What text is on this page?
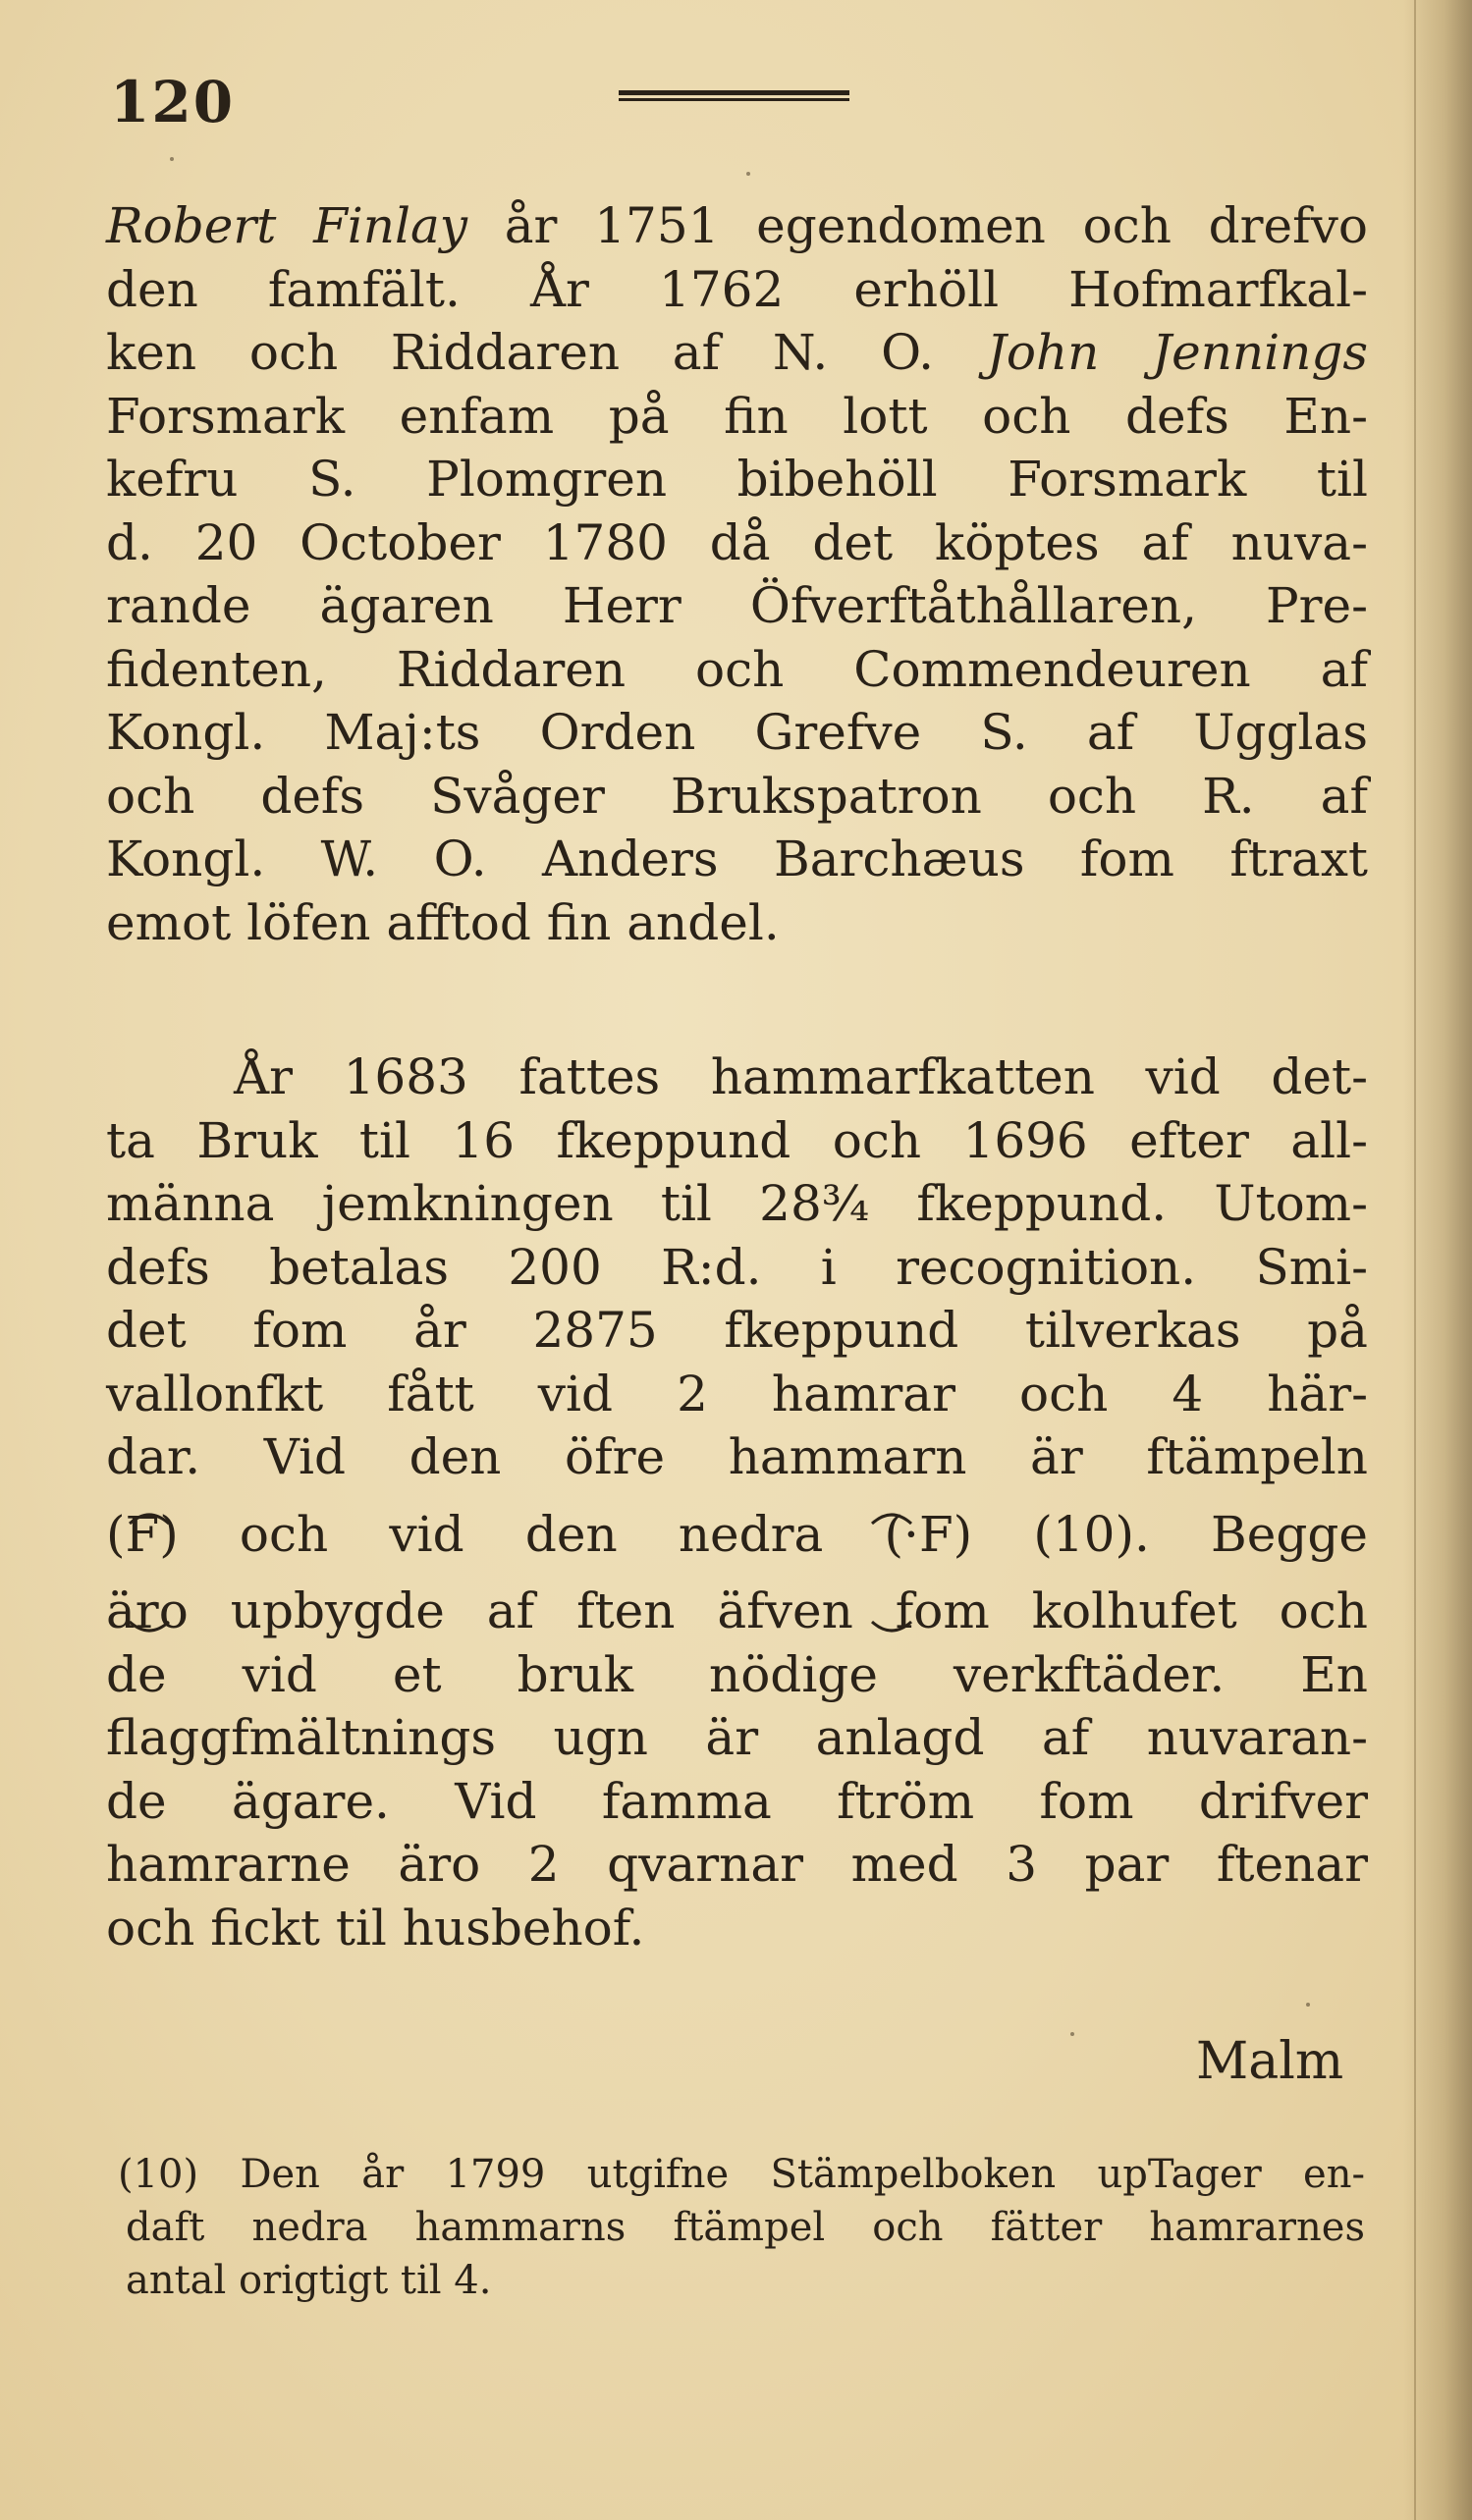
120
Robert Finlay år 1751 egendomen och drefvo
den famfält. År 1762 erhöll Hofmarfkal-
ken och Riddaren af N. O. John Jennings
Forsmark enfam på fin lott och defs En-
kefru S. Plomgren bibehöll Forsmark til
d. 20 October 1780 då det köptes af nuva-
rande ägaren Herr Öfverftåthållaren, Pre-
fidenten, Riddaren och Commendeuren af
Kongl. Maj:ts Orden Grefve S. af Ugglas
och defs Svåger Brukspatron och R. af
Kongl. W. O. Anders Barchæus fom ftraxt
emot löfen afftod fin andel.
År 1683 fattes hammarfkatten vid det-
ta Bruk til 16 fkeppund och 1696 efter all-
männa jemkningen til 28¾ fkeppund. Utom-
defs betalas 200 R:d. i recognition. Smi-
det fom år 2875 fkeppund tilverkas på
vallonfkt fått vid 2 hamrar och 4 här-
dar. Vid den öfre hammarn är ftämpeln
(F) och vid den nedra (·F) (10). Begge
äro upbygde af ften äfven fom kolhufet och
de vid et bruk nödige verkftäder. En
flaggfmältnings ugn är anlagd af nuvaran-
de ägare. Vid famma ftröm fom drifver
hamrarne äro 2 qvarnar med 3 par ftenar
och fickt til husbehof.
Malm
(10) Den år 1799 utgifne Stämpelboken upTager en-
daft nedra hammarns ftämpel och fätter hamrarnes
antal origtigt til 4.
